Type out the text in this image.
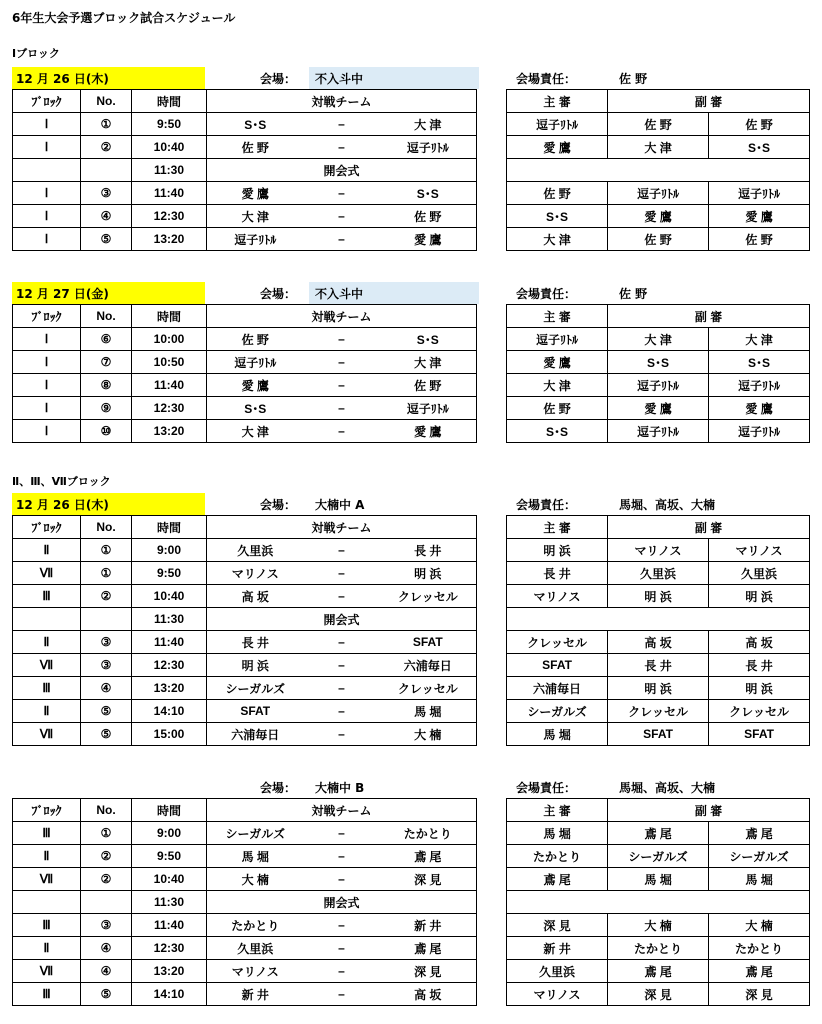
6年生大会予選ブロック試合スケジュール
Ⅰブロック
12 月 26 日(木)	会場：	不入斗中	会場責任：	佐 野
ﾌﾞﾛｯｸ	No.	時間	対戦チーム				主 審	副 審	
Ⅰ	①	9:50	S･S	–	大 津		逗子ﾘﾄﾙ	佐 野	佐 野
Ⅰ	②	10:40	佐 野	–	逗子ﾘﾄﾙ		愛 鷹	大 津	S･S
		11:30	開会式						
Ⅰ	③	11:40	愛 鷹	–	S･S		佐 野	逗子ﾘﾄﾙ	逗子ﾘﾄﾙ
Ⅰ	④	12:30	大 津	–	佐 野		S･S	愛 鷹	愛 鷹
Ⅰ	⑤	13:20	逗子ﾘﾄﾙ	–	愛 鷹		大 津	佐 野	佐 野
12 月 27 日(金)	会場：	不入斗中	会場責任：	佐 野
ﾌﾞﾛｯｸ	No.	時間	対戦チーム				主 審	副 審	
Ⅰ	⑥	10:00	佐 野	–	S･S		逗子ﾘﾄﾙ	大 津	大 津
Ⅰ	⑦	10:50	逗子ﾘﾄﾙ	–	大 津		愛 鷹	S･S	S･S
Ⅰ	⑧	11:40	愛 鷹	–	佐 野		大 津	逗子ﾘﾄﾙ	逗子ﾘﾄﾙ
Ⅰ	⑨	12:30	S･S	–	逗子ﾘﾄﾙ		佐 野	愛 鷹	愛 鷹
Ⅰ	⑩	13:20	大 津	–	愛 鷹		S･S	逗子ﾘﾄﾙ	逗子ﾘﾄﾙ
Ⅱ、Ⅲ、Ⅶブロック
12 月 26 日(木)	会場：	大楠中 A	会場責任：	馬堀、高坂、大楠
ﾌﾞﾛｯｸ	No.	時間	対戦チーム				主 審	副 審	
Ⅱ	①	9:00	久里浜	–	長 井		明 浜	マリノス	マリノス
Ⅶ	①	9:50	マリノス	–	明 浜		長 井	久里浜	久里浜
Ⅲ	②	10:40	高 坂	–	クレッセル		マリノス	明 浜	明 浜
		11:30	開会式						
Ⅱ	③	11:40	長 井	–	SFAT		クレッセル	高 坂	高 坂
Ⅶ	③	12:30	明 浜	–	六浦毎日		SFAT	長 井	長 井
Ⅲ	④	13:20	シーガルズ	–	クレッセル		六浦毎日	明 浜	明 浜
Ⅱ	⑤	14:10	SFAT	–	馬 堀		シーガルズ	クレッセル	クレッセル
Ⅶ	⑤	15:00	六浦毎日	–	大 楠		馬 堀	SFAT	SFAT
会場：	大楠中 B	会場責任：	馬堀、高坂、大楠
ﾌﾞﾛｯｸ	No.	時間	対戦チーム				主 審	副 審	
Ⅲ	①	9:00	シーガルズ	–	たかとり		馬 堀	鳶 尾	鳶 尾
Ⅱ	②	9:50	馬 堀	–	鳶 尾		たかとり	シーガルズ	シーガルズ
Ⅶ	②	10:40	大 楠	–	深 見		鳶 尾	馬 堀	馬 堀
		11:30	開会式						
Ⅲ	③	11:40	たかとり	–	新 井		深 見	大 楠	大 楠
Ⅱ	④	12:30	久里浜	–	鳶 尾		新 井	たかとり	たかとり
Ⅶ	④	13:20	マリノス	–	深 見		久里浜	鳶 尾	鳶 尾
Ⅲ	⑤	14:10	新 井	–	高 坂		マリノス	深 見	深 見
